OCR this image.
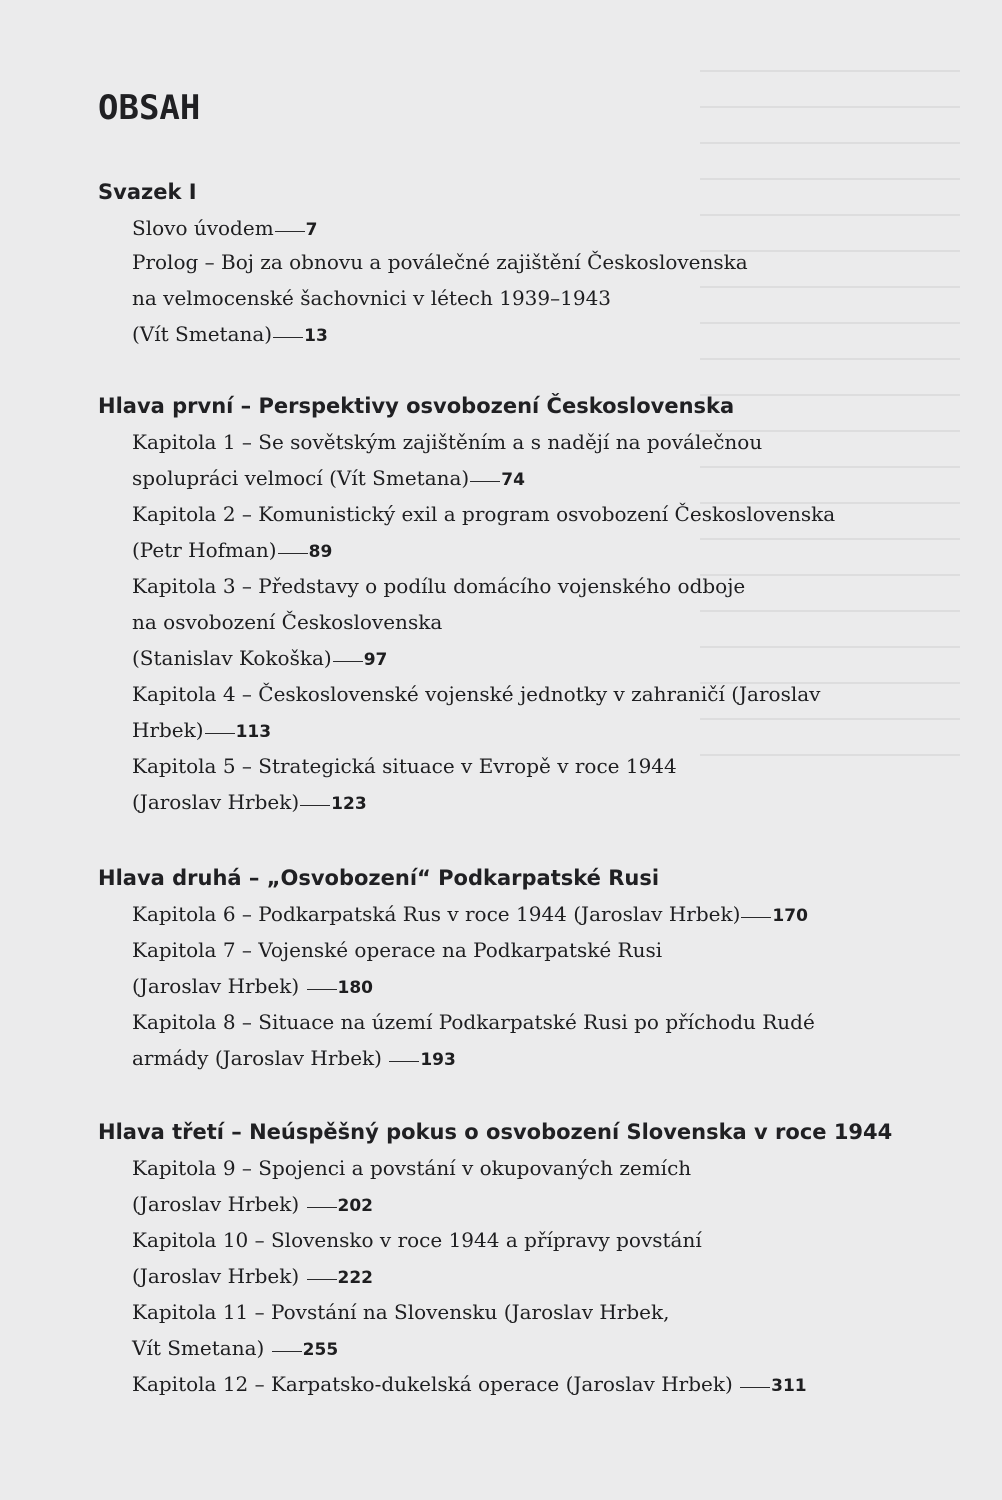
OBSAH
Svazek I
Slovo úvodem 7
Prolog – Boj za obnovu a poválečné zajištění Československa
na velmocenské šachovnici v létech 1939–1943
(Vít Smetana) 13
Hlava první – Perspektivy osvobození Československa
Kapitola 1 – Se sovětským zajištěním a s nadějí na poválečnou
spolupráci velmocí (Vít Smetana) 74
Kapitola 2 – Komunistický exil a program osvobození Československa
(Petr Hofman) 89
Kapitola 3 – Představy o podílu domácího vojenského odboje
na osvobození Československa
(Stanislav Kokoška) 97
Kapitola 4 – Československé vojenské jednotky v zahraničí (Jaroslav
Hrbek) 113
Kapitola 5 – Strategická situace v Evropě v roce 1944
(Jaroslav Hrbek) 123
Hlava druhá – „Osvobození“ Podkarpatské Rusi
Kapitola 6 – Podkarpatská Rus v roce 1944 (Jaroslav Hrbek) 170
Kapitola 7 – Vojenské operace na Podkarpatské Rusi
(Jaroslav Hrbek) 180
Kapitola 8 – Situace na území Podkarpatské Rusi po příchodu Rudé
armády (Jaroslav Hrbek) 193
Hlava třetí – Neúspěšný pokus o osvobození Slovenska v roce 1944
Kapitola 9 – Spojenci a povstání v okupovaných zemích
(Jaroslav Hrbek) 202
Kapitola 10 – Slovensko v roce 1944 a přípravy povstání
(Jaroslav Hrbek) 222
Kapitola 11 – Povstání na Slovensku (Jaroslav Hrbek,
Vít Smetana) 255
Kapitola 12 – Karpatsko-dukelská operace (Jaroslav Hrbek) 311
